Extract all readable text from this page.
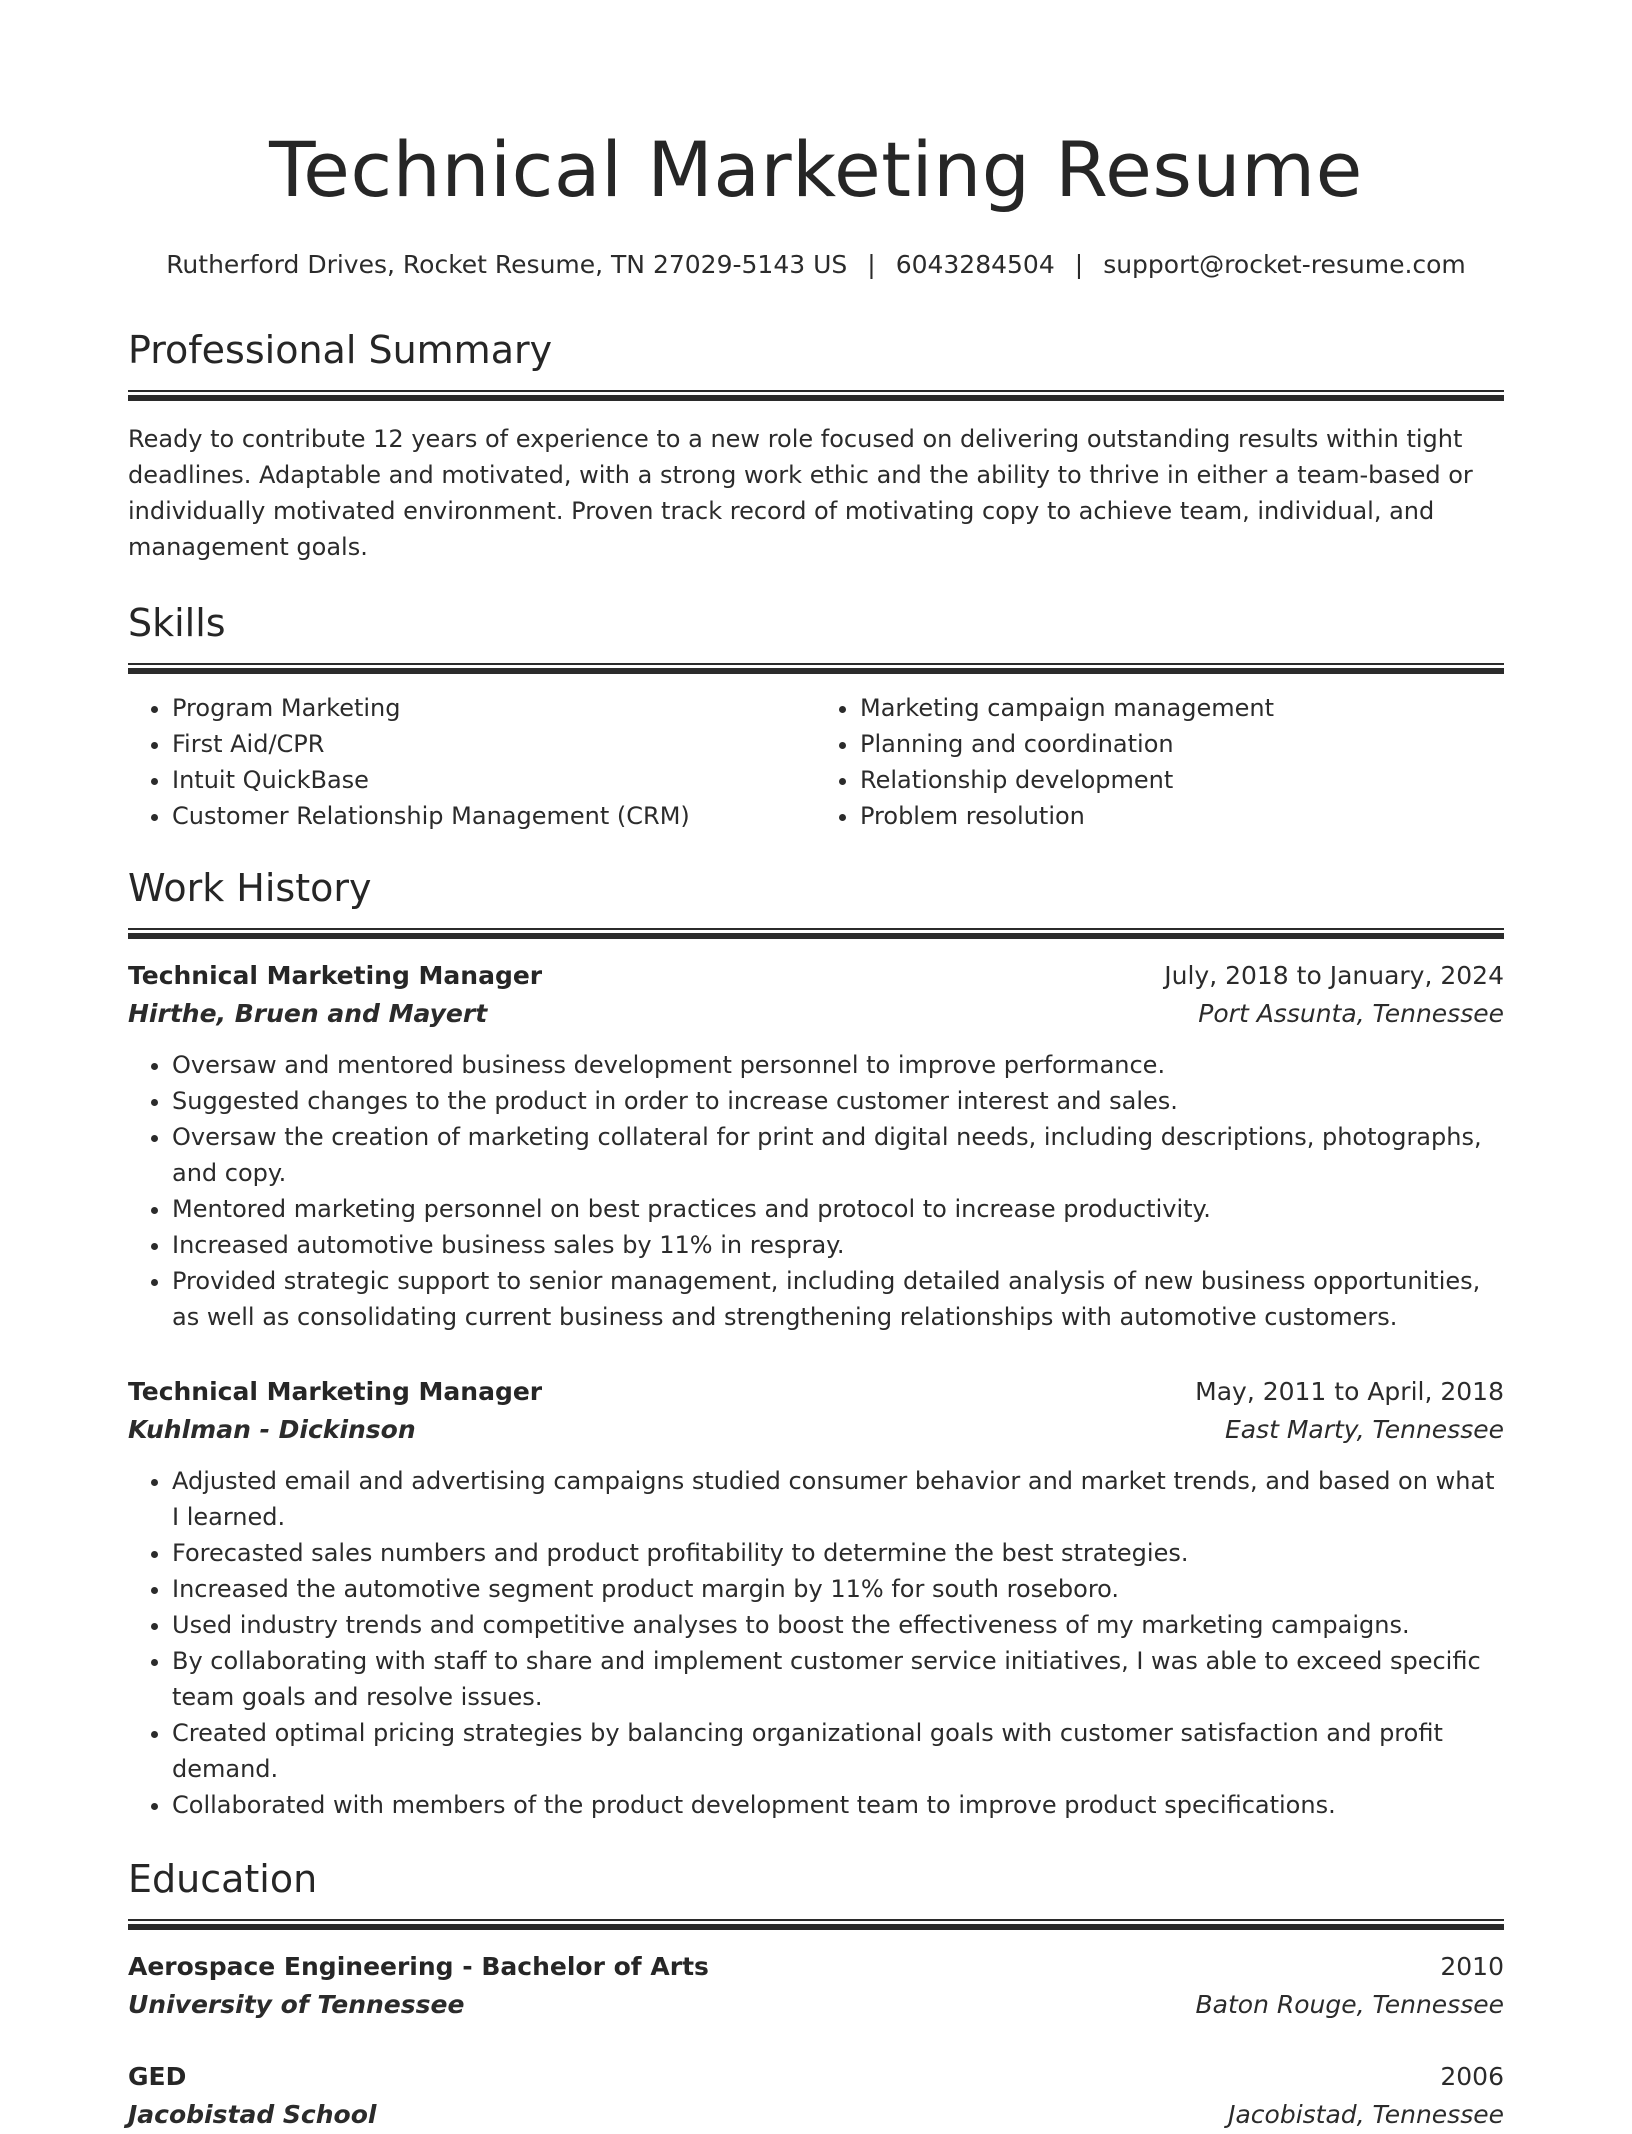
Technical Marketing Resume
Rutherford Drives, Rocket Resume, TN 27029-5143 US | 6043284504 | support@rocket-resume.com
Professional Summary

Ready to contribute 12 years of experience to a new role focused on delivering outstanding results within tight deadlines. Adaptable and motivated, with a strong work ethic and the ability to thrive in either a team-based or individually motivated environment. Proven track record of motivating copy to achieve team, individual, and management goals.

Skills
• Program Marketing
• First Aid/CPR
• Intuit QuickBase
• Customer Relationship Management (CRM)
• Marketing campaign management
• Planning and coordination
• Relationship development
• Problem resolution
Work History
Technical Marketing Manager	July, 2018 to January, 2024
Hirthe, Bruen and Mayert	Port Assunta, Tennessee
• Oversaw and mentored business development personnel to improve performance.
• Suggested changes to the product in order to increase customer interest and sales.
• Oversaw the creation of marketing collateral for print and digital needs, including descriptions, photographs, and copy.
• Mentored marketing personnel on best practices and protocol to increase productivity.
• Increased automotive business sales by 11% in respray.
• Provided strategic support to senior management, including detailed analysis of new business opportunities, as well as consolidating current business and strengthening relationships with automotive customers.
Technical Marketing Manager	May, 2011 to April, 2018
Kuhlman - Dickinson	East Marty, Tennessee
• Adjusted email and advertising campaigns studied consumer behavior and market trends, and based on what I learned.
• Forecasted sales numbers and product profitability to determine the best strategies.
• Increased the automotive segment product margin by 11% for south roseboro.
• Used industry trends and competitive analyses to boost the effectiveness of my marketing campaigns.
• By collaborating with staff to share and implement customer service initiatives, I was able to exceed specific team goals and resolve issues.
• Created optimal pricing strategies by balancing organizational goals with customer satisfaction and profit demand.
• Collaborated with members of the product development team to improve product specifications.
Education
Aerospace Engineering - Bachelor of Arts	2010
University of Tennessee	Baton Rouge, Tennessee
GED	2006
Jacobistad School	Jacobistad, Tennessee
